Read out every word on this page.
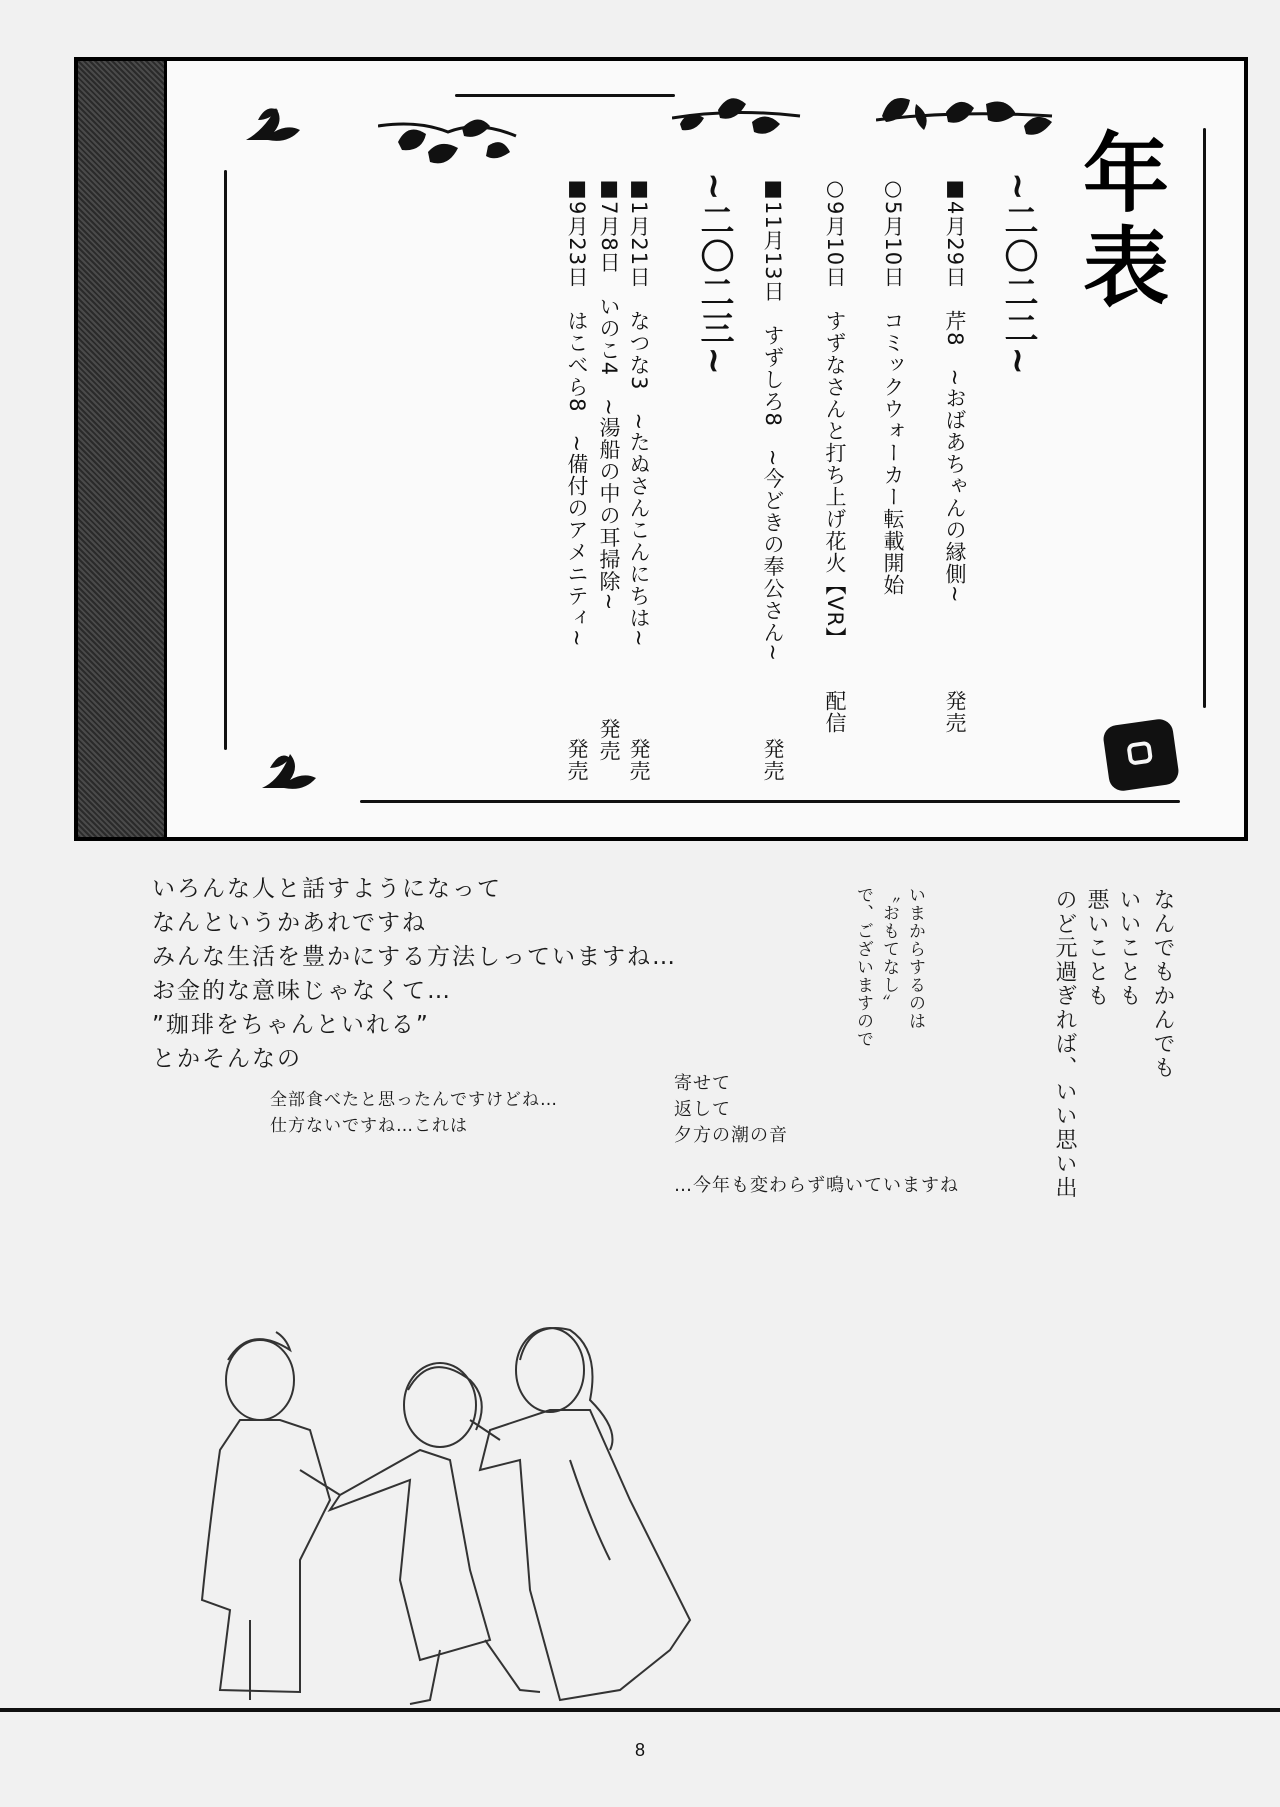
年表
~二〇二二~
~二〇二三~	■4月29日　芹8　~おばあちゃんの縁側~
発売
○5月10日　コミックウォーカー転載開始
○9月10日　すずなさんと打ち上げ花火【VR】
配信
■11月13日　すずしろ8　~今どきの奉公さん~
発売
■1月21日　なつな3　~たぬさんこんにちは~
発売
■7月8日　いのこ4　~湯船の中の耳掃除~
発売
■9月23日　はこべら8　~備付のアメニティ~
発売
いろんな人と話すようになって
なんというかあれですね
みんな生活を豊かにする方法しっていますね…
お金的な意味じゃなくて…
”珈琲をちゃんといれる”
とかそんなの
全部食べたと思ったんですけどね…
仕方ないですね…これは
寄せて
返して
夕方の潮の音
…今年も変わらず鳴いていますね
いまからするのは
〝おもてなし〟
で、ございますので	なんでもかんでも
いいことも
悪いことも
のど元過ぎれば、いい思い出
8
